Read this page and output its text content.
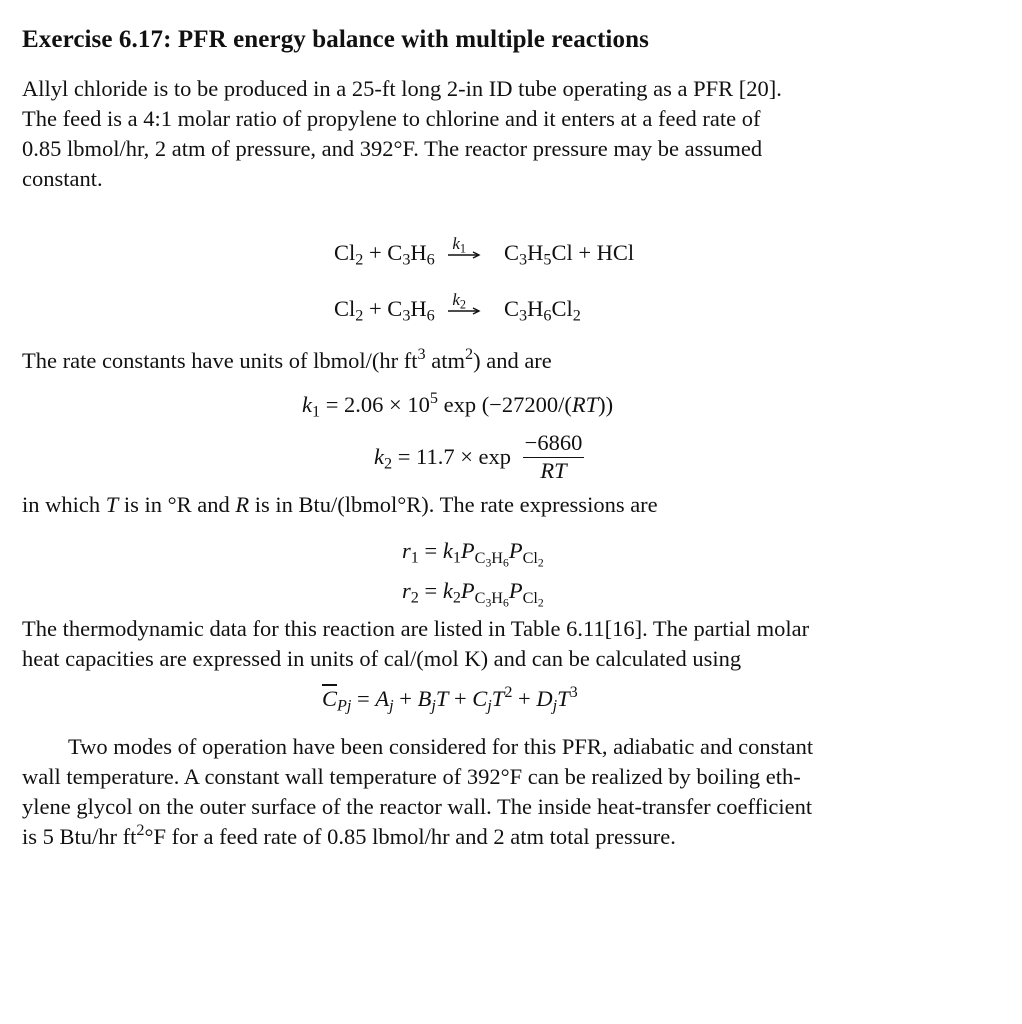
Exercise 6.17: PFR energy balance with multiple reactions
Allyl chloride is to be produced in a 25-ft long 2-in ID tube operating as a PFR [20].
The feed is a 4:1 molar ratio of propylene to chlorine and it enters at a feed rate of
0.85 lbmol/hr, 2 atm of pressure, and 392°F. The reactor pressure may be assumed
constant.
$Cl_2 + C_3H_6$
$k_1$ $C_3H_5Cl$ + HCl
$Cl_2 + C_3H_6$
$k_2$ $C_3H_6Cl_2$
The rate constants have units of lbmol/(hr $ft^3$ atm$^2$) and are
$k_1 = 2.06 \times 10^5$ exp (−27200/(RT))
$k_2 = 11.7 \times \exp \frac{-6860}{RT}$
in which T is in °R and R is in Btu/(lbmol°R). The rate expressions are
$r_1 = k_1P_{C_3H_6}P_{Cl_2}$
$r_2 = k_2P_{C_3H_6}P_{Cl_2}$
The thermodynamic data for this reaction are listed in Table 6.11[16]. The partial molar
heat capacities are expressed in units of cal/(mol K) and can be calculated using
$\overline{C}_{Pj} = A_j + B_jT + C_jT^2 + D_jT^3$
Two modes of operation have been considered for this PFR, adiabatic and constant
wall temperature. A constant wall temperature of 392°F can be realized by boiling eth-
ylene glycol on the outer surface of the reactor wall. The inside heat-transfer coefficient
is 5 Btu/hr $ft^2^\circ F$ for a feed rate of 0.85 lbmol/hr and 2 atm total pressure.
